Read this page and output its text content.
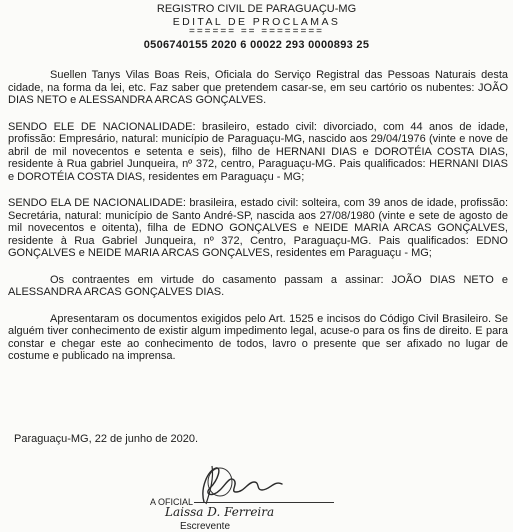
REGISTRO CIVIL DE PARAGUAÇU-MG
EDITAL DE PROCLAMAS
====== == ========
0506740155 2020 6 00022 293 0000893 25

Suellen Tanys Vilas Boas Reis, Oficiala do Serviço Registral das Pessoas Naturais desta cidade, na forma da lei, etc. Faz saber que pretendem casar-se, em seu cartório os nubentes: JOÃO DIAS NETO e ALESSANDRA ARCAS GONÇALVES.

SENDO ELE DE NACIONALIDADE: brasileiro, estado civil: divorciado, com 44 anos de idade, profissão: Empresário, natural: município de Paraguaçu-MG, nascido aos 29/04/1976 (vinte e nove de abril de mil novecentos e setenta e seis), filho de HERNANI DIAS e DOROTÉIA COSTA DIAS, residente à Rua gabriel Junqueira, nº 372, centro, Paraguaçu-MG. Pais qualificados: HERNANI DIAS e DOROTÉIA COSTA DIAS, residentes em Paraguaçu - MG;

SENDO ELA DE NACIONALIDADE: brasileira, estado civil: solteira, com 39 anos de idade, profissão: Secretária, natural: município de Santo André-SP, nascida aos 27/08/1980 (vinte e sete de agosto de mil novecentos e oitenta), filha de EDNO GONÇALVES e NEIDE MARIA ARCAS GONÇALVES, residente à Rua Gabriel Junqueira, nº 372, Centro, Paraguaçu-MG. Pais qualificados: EDNO GONÇALVES e NEIDE MARIA ARCAS GONÇALVES, residentes em Paraguaçu - MG;

Os contraentes em virtude do casamento passam a assinar: JOÃO DIAS NETO e ALESSANDRA ARCAS GONÇALVES DIAS.

Apresentaram os documentos exigidos pelo Art. 1525 e incisos do Código Civil Brasileiro. Se alguém tiver conhecimento de existir algum impedimento legal, acuse-o para os fins de direito. E para constar e chegar este ao conhecimento de todos, lavro o presente que ser afixado no lugar de costume e publicado na imprensa.

Paraguaçu-MG, 22 de junho de 2020.
A OFICIAL
Laissa D. Ferreira
Escrevente
